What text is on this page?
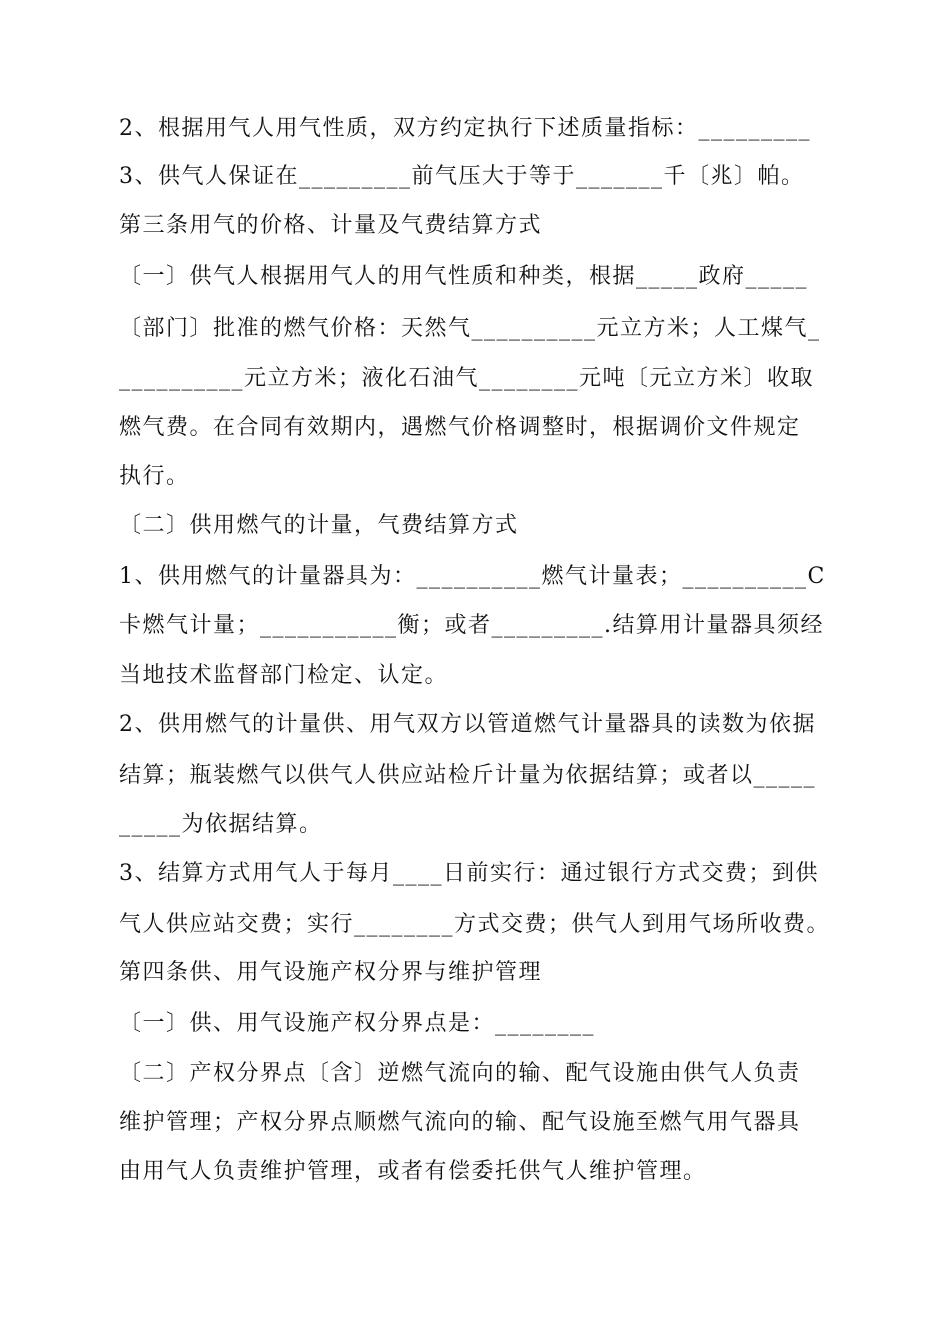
2、根据用气人用气性质，双方约定执行下述质量指标：_________

3、供气人保证在_________前气压大于等于_______千〔兆〕帕。

第三条用气的价格、计量及气费结算方式

〔一〕供气人根据用气人的用气性质和种类，根据_____政府_____

〔部门〕批准的燃气价格：天然气__________元立方米；人工煤气_

__________元立方米；液化石油气________元吨〔元立方米〕收取

燃气费。在合同有效期内，遇燃气价格调整时，根据调价文件规定

执行。

〔二〕供用燃气的计量，气费结算方式

1、供用燃气的计量器具为：__________燃气计量表；__________C

卡燃气计量；___________衡；或者_________.结算用计量器具须经

当地技术监督部门检定、认定。

2、供用燃气的计量供、用气双方以管道燃气计量器具的读数为依据

结算；瓶装燃气以供气人供应站检斤计量为依据结算；或者以_____

_____为依据结算。

3、结算方式用气人于每月____日前实行：通过银行方式交费；到供

气人供应站交费；实行________方式交费；供气人到用气场所收费。

第四条供、用气设施产权分界与维护管理

〔一〕供、用气设施产权分界点是：________

〔二〕产权分界点〔含〕逆燃气流向的输、配气设施由供气人负责

维护管理；产权分界点顺燃气流向的输、配气设施至燃气用气器具

由用气人负责维护管理，或者有偿委托供气人维护管理。
